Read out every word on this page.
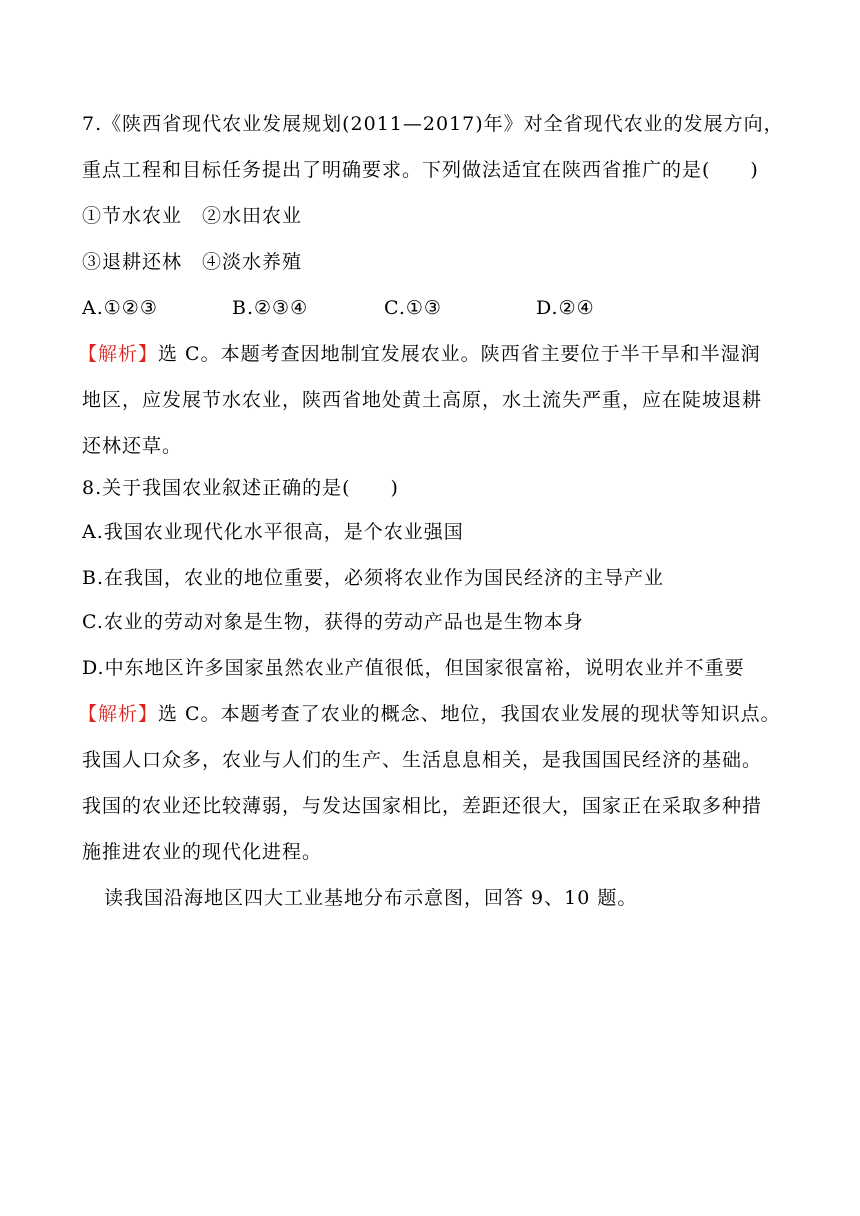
7.《陕西省现代农业发展规划(2011—2017)年》对全省现代农业的发展方向，
重点工程和目标任务提出了明确要求。下列做法适宜在陕西省推广的是(　　)
①节水农业　②水田农业
③退耕还林　④淡水养殖
A.①②③	B.②③④	C.①③	D.②④
【解析】选 C。本题考查因地制宜发展农业。陕西省主要位于半干旱和半湿润
地区，应发展节水农业，陕西省地处黄土高原，水土流失严重，应在陡坡退耕
还林还草。
8.关于我国农业叙述正确的是(　　)
A.我国农业现代化水平很高，是个农业强国
B.在我国，农业的地位重要，必须将农业作为国民经济的主导产业
C.农业的劳动对象是生物，获得的劳动产品也是生物本身
D.中东地区许多国家虽然农业产值很低，但国家很富裕，说明农业并不重要
【解析】选 C。本题考查了农业的概念、地位，我国农业发展的现状等知识点。
我国人口众多，农业与人们的生产、生活息息相关，是我国国民经济的基础。
我国的农业还比较薄弱，与发达国家相比，差距还很大，国家正在采取多种措
施推进农业的现代化进程。
读我国沿海地区四大工业基地分布示意图，回答 9、10 题。
